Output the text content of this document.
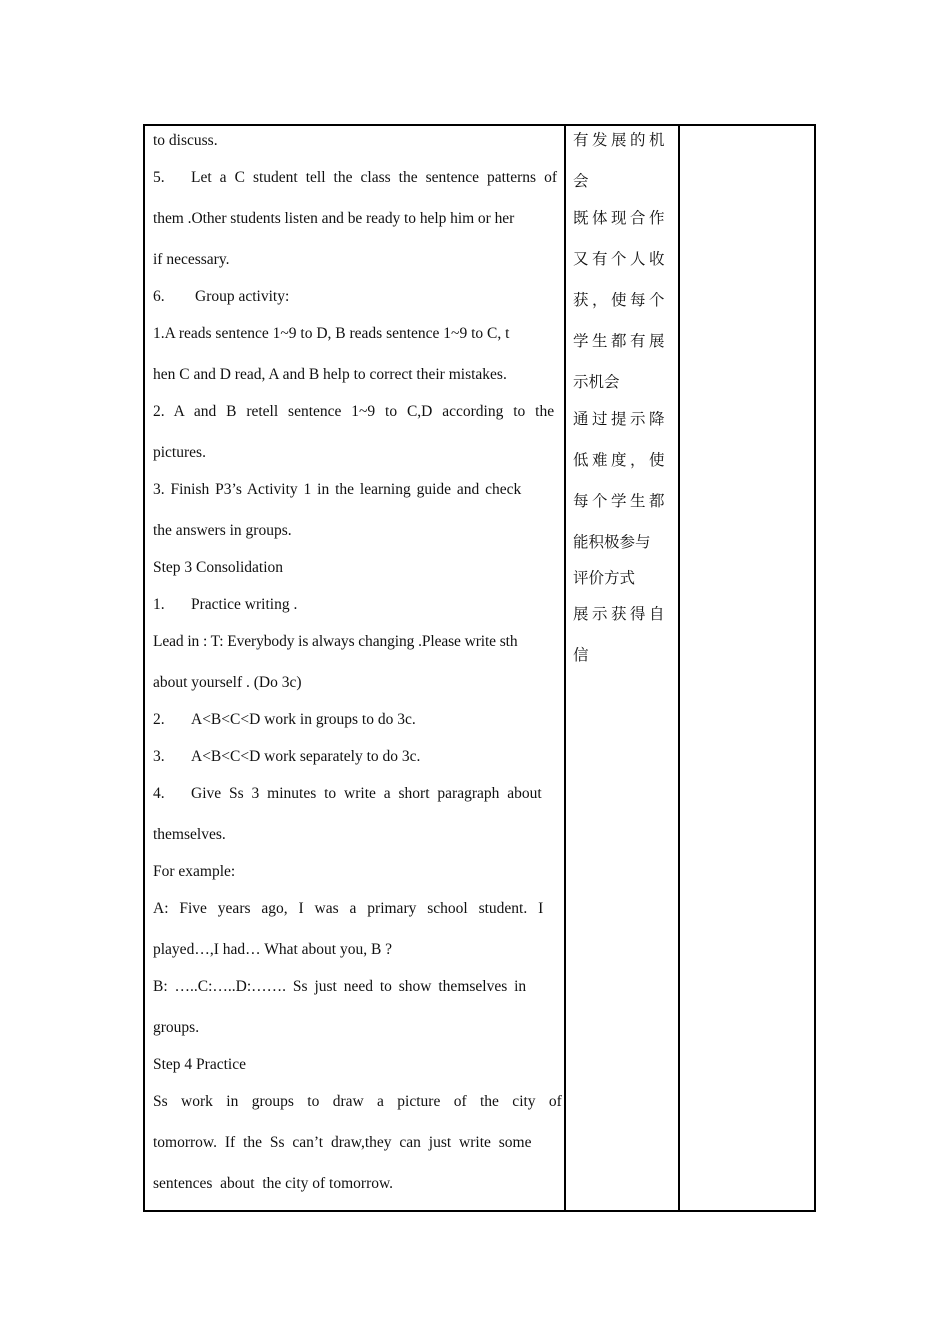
to discuss.
5. Let a C student tell the class the sentence patterns of
them .Other students listen and be ready to help him or her
if necessary.
6. Group activity:
1.A reads sentence 1~9 to D, B reads sentence 1~9 to C, t
hen C and D read, A and B help to correct their mistakes.
2. A and B retell sentence 1~9 to C,D according to the
pictures.
3. Finish P3’s Activity 1 in the learning guide and check
the answers in groups.
Step 3 Consolidation
1. Practice writing .
Lead in : T: Everybody is always changing .Please write sth
about yourself . (Do 3c)
2. A<B<C<D work in groups to do 3c.
3. A<B<C<D work separately to do 3c.
4. Give Ss 3 minutes to write a short paragraph about
themselves.
For example:
A: Five years ago, I was a primary school student. I
played…,I had… What about you, B ?
B: …..C:…..D:……. Ss just need to show themselves in
groups.
Step 4 Practice
Ss work in groups to draw a picture of the city of
tomorrow. If the Ss can’t draw,they can just write some
sentences  about  the city of tomorrow.
有发展的机
会
既体现合作
又有个人收
获，使每个
学生都有展
示机会
通过提示降
低难度，使
每个学生都
能积极参与
评价方式
展示获得自
信
